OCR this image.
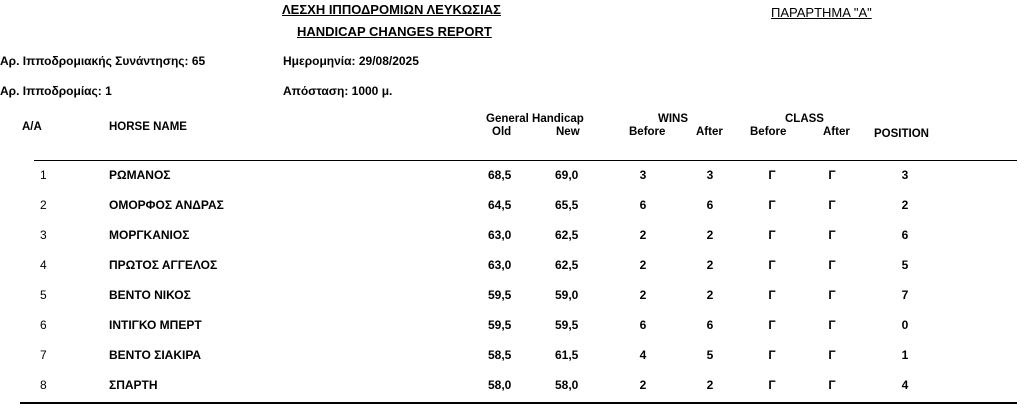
ΛΕΣΧΗ ΙΠΠΟΔΡΟΜΙΩΝ ΛΕΥΚΩΣΙΑΣ
HANDICAP CHANGES REPORT
ΠΑΡΑΡΤΗΜΑ "Α"
Αρ. Ιπποδρομιακής Συνάντησης: 65	Ημερομηνία: 29/08/2025
Αρ. Ιπποδρομίας: 1	Απόσταση: 1000 μ.
A/A	HORSE NAME
General Handicap
Old	New
WINS
Before	After
CLASS
Before	After POSITION
1	ΡΩΜΑΝΟΣ	68,5	69,0	3	3	Γ	Γ	3
2	ΟΜΟΡΦΟΣ ΑΝΔΡΑΣ	64,5	65,5	6	6	Γ	Γ	2
3	ΜΟΡΓΚΑΝΙΟΣ	63,0	62,5	2	2	Γ	Γ	6
4	ΠΡΩΤΟΣ ΑΓΓΕΛΟΣ	63,0	62,5	2	2	Γ	Γ	5
5	ΒΕΝΤΟ ΝΙΚΟΣ	59,5	59,0	2	2	Γ	Γ	7
6	ΙΝΤΙΓΚΟ ΜΠΕΡΤ	59,5	59,5	6	6	Γ	Γ	0
7	ΒΕΝΤΟ ΣΙΑΚΙΡΑ	58,5	61,5	4	5	Γ	Γ	1
8	ΣΠΑΡΤΗ	58,0	58,0	2	2	Γ	Γ	4
